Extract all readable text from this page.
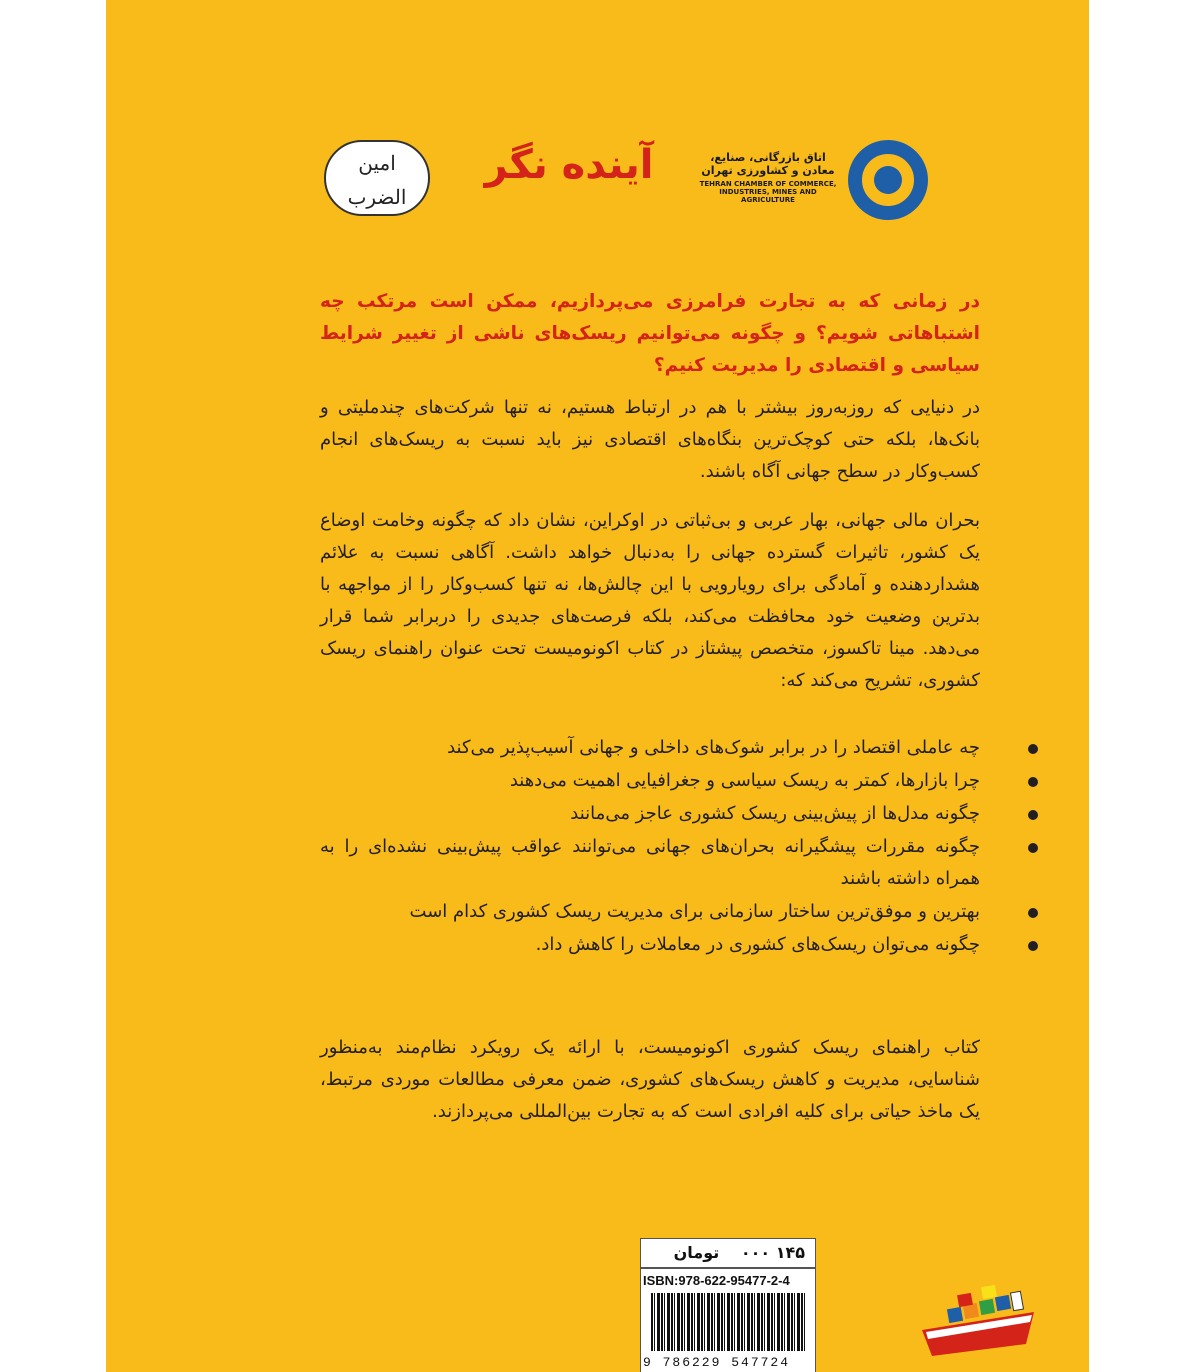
اتاق بازرگانی، صنایع، معادن و کشاورزی تهران
TEHRAN CHAMBER OF COMMERCE, INDUSTRIES, MINES AND AGRICULTURE
آینده نگر
امین الضرب
در زمانی که به تجارت فرامرزی می‌پردازیم، ممکن است مرتکب چه اشتباهاتی شویم؟ و چگونه می‌توانیم ریسک‌های ناشی از تغییر شرایط سیاسی و اقتصادی را مدیریت کنیم؟
در دنیایی که روزبه‌روز بیشتر با هم در ارتباط هستیم، نه تنها شرکت‌های چندملیتی و بانک‌ها، بلکه حتی کوچک‌ترین بنگاه‌های اقتصادی نیز باید نسبت به ریسک‌های انجام کسب‌وکار در سطح جهانی آگاه باشند.
بحران مالی جهانی، بهار عربی و بی‌ثباتی در اوکراین، نشان داد که چگونه وخامت اوضاع یک کشور، تاثیرات گسترده جهانی را به‌دنبال خواهد داشت. آگاهی نسبت به علائم هشداردهنده و آمادگی برای رویارویی با این چالش‌ها، نه تنها کسب‌وکار را از مواجهه با بدترین وضعیت خود محافظت می‌کند، بلکه فرصت‌های جدیدی را دربرابر شما قرار می‌دهد. مینا تاکسوز، متخصص پیشتاز در کتاب اکونومیست تحت عنوان راهنمای ریسک کشوری، تشریح می‌کند که:
چه عاملی اقتصاد را در برابر شوک‌های داخلی و جهانی آسیب‌پذیر می‌کند
چرا بازارها، کمتر به ریسک سیاسی و جغرافیایی اهمیت می‌دهند
چگونه مدل‌ها از پیش‌بینی ریسک کشوری عاجز می‌مانند
چگونه مقررات پیشگیرانه بحران‌های جهانی می‌توانند عواقب پیش‌بینی نشده‌ای را به همراه داشته باشند
بهترین و موفق‌ترین ساختار سازمانی برای مدیریت ریسک کشوری کدام است
چگونه می‌توان ریسک‌های کشوری در معاملات را کاهش داد.
کتاب راهنمای ریسک کشوری اکونومیست، با ارائه یک رویکرد نظام‌مند به‌منظور شناسایی، مدیریت و کاهش ریسک‌های کشوری، ضمن معرفی مطالعات موردی مرتبط، یک ماخذ حیاتی برای کلیه افرادی است که به تجارت بین‌المللی می‌پردازند.
۱۴۵ ۰۰۰ تومان
ISBN:978-622-95477-2-4
9 786229 547724
